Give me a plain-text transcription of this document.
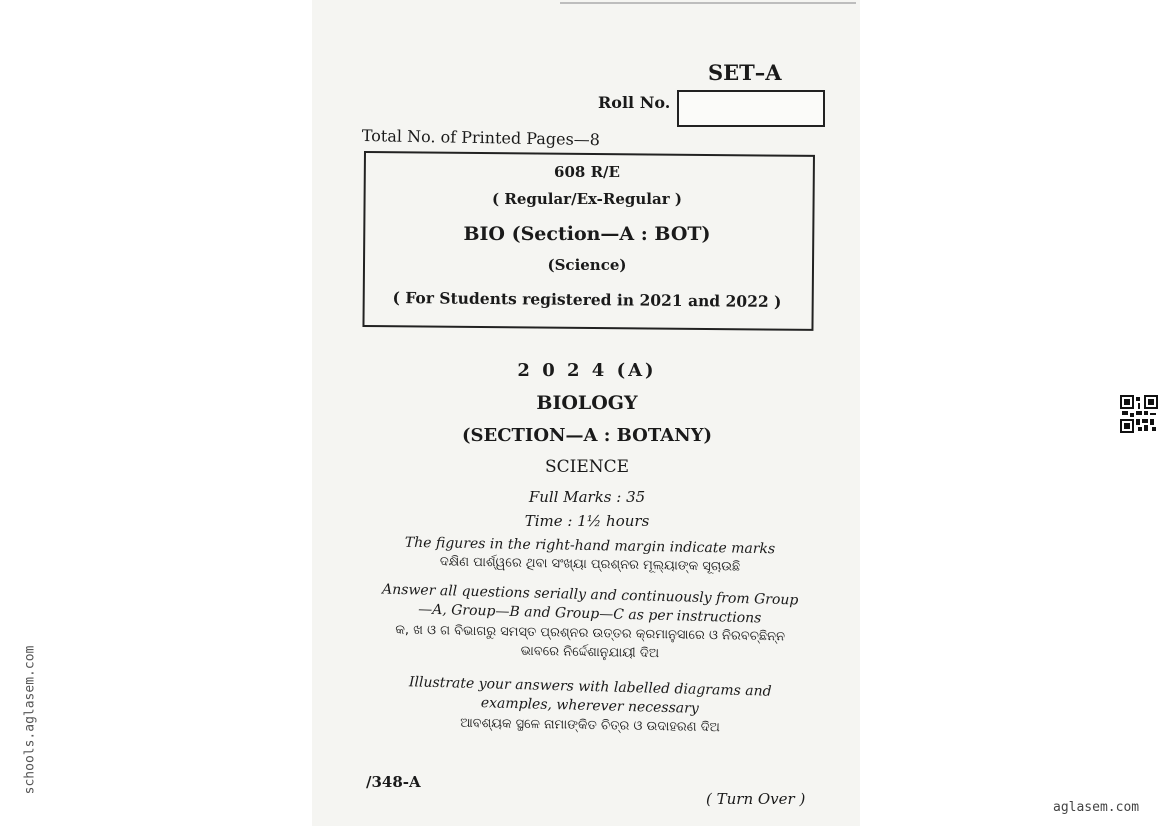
SET–A
Roll No.
Total No. of Printed Pages—8
608 R/E
( Regular/Ex-Regular )
BIO (Section—A : BOT)
(Science)
( For Students registered in 2021 and 2022 )
2 0 2 4 (A)
BIOLOGY
(SECTION—A : BOTANY)
SCIENCE
Full Marks : 35
Time : 1½ hours
The figures in the right-hand margin indicate marks
ଦକ୍ଷିଣ ପାର୍ଶ୍ୱରେ ଥିବା ସଂଖ୍ୟା ପ୍ରଶ୍ନର ମୂଲ୍ୟାଙ୍କ ସୂଚାଉଛି
Answer all questions serially and continuously from Group—A, Group—B and Group—C as per instructions
କ, ଖ ଓ ଗ ବିଭାଗରୁ ସମସ୍ତ ପ୍ରଶ୍ନର ଉତ୍ତର କ୍ରମାନୁସାରେ ଓ ନିରବଚ୍ଛିନ୍ନ ଭାବରେ ନିର୍ଦ୍ଦେଶାନୁଯାୟୀ ଦିଅ
Illustrate your answers with labelled diagrams and examples, wherever necessary
ଆବଶ୍ୟକ ସ୍ଥଳେ ନାମାଙ୍କିତ ଚିତ୍ର ଓ ଉଦାହରଣ ଦିଅ
/348-A
( Turn Over )
schools.aglasem.com
aglasem.com
